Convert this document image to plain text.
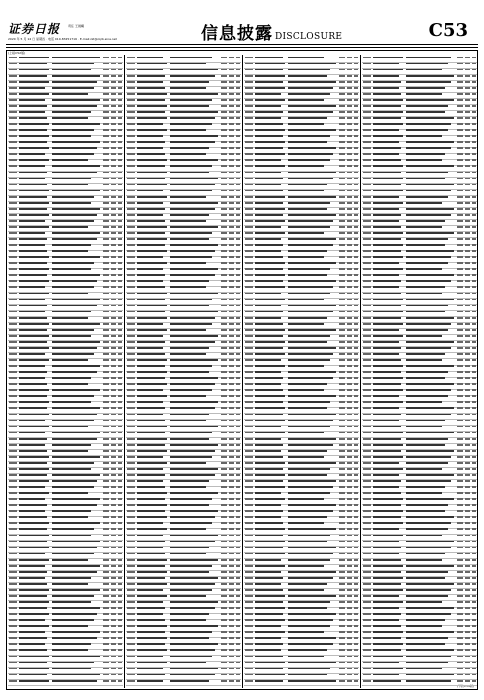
证券日报	责任 王晨曦
2020 年 5 月 14 日 星期四 · 电话 010-83251716 · E-mail:zzl@zqrb.sina.net	信息披露 DISCLOSURE	C53
(上接C52版)
(下转C54版)
